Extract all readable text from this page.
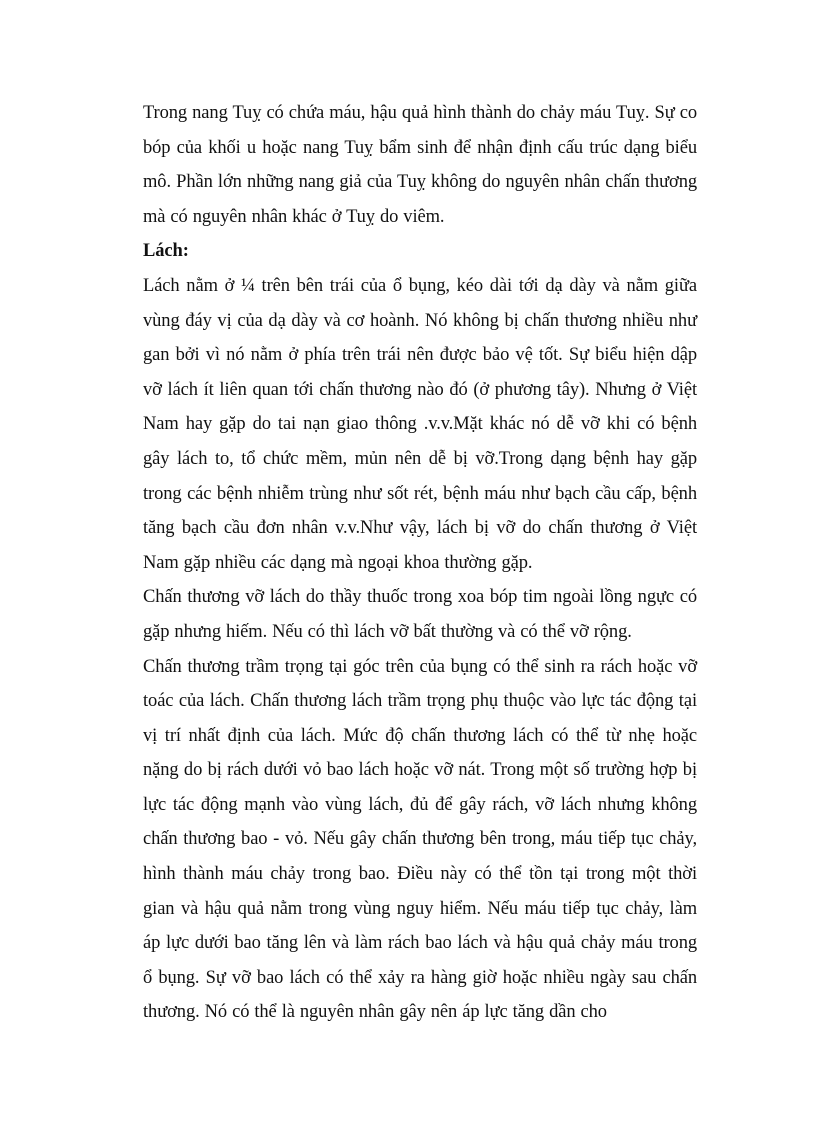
Trong nang Tuỵ có chứa máu, hậu quả hình thành do chảy máu Tuỵ. Sự co bóp của khối u hoặc nang Tuỵ bẩm sinh để nhận định cấu trúc dạng biểu mô. Phần lớn những nang giả của Tuỵ không do nguyên nhân chấn thương mà có nguyên nhân khác ở Tuỵ do viêm.

Lách:

Lách nằm ở ¼ trên bên trái của ổ bụng, kéo dài tới dạ dày và nằm giữa vùng đáy vị của dạ dày và cơ hoành. Nó không bị chấn thương nhiều như gan bởi vì nó nằm ở phía trên trái nên được bảo vệ tốt. Sự biểu hiện dập vỡ lách ít liên quan tới chấn thương nào đó (ở phương tây). Nhưng ở Việt Nam hay gặp do tai nạn giao thông .v.v.Mặt khác nó dễ vỡ khi có bệnh gây lách to, tổ chức mềm, mủn nên dễ bị vỡ.Trong dạng bệnh hay gặp trong các bệnh nhiễm trùng như sốt rét, bệnh máu như bạch cầu cấp, bệnh tăng bạch cầu đơn nhân v.v.Như vậy, lách bị vỡ do chấn thương ở Việt Nam gặp nhiều các dạng mà ngoại khoa thường gặp.

Chấn thương vỡ lách do thầy thuốc trong xoa bóp tim ngoài lồng ngực có gặp nhưng hiếm. Nếu có thì lách vỡ bất thường và có thể vỡ rộng.

Chấn thương trầm trọng tại góc trên của bụng có thể sinh ra rách hoặc vỡ toác của lách. Chấn thương lách trầm trọng phụ thuộc vào lực tác động tại vị trí nhất định của lách. Mức độ chấn thương lách có thể từ nhẹ hoặc nặng do bị rách dưới vỏ bao lách hoặc vỡ nát. Trong một số trường hợp bị lực tác động mạnh vào vùng lách, đủ để gây rách, vỡ lách nhưng không chấn thương bao - vỏ. Nếu gây chấn thương bên trong, máu tiếp tục chảy, hình thành máu chảy trong bao. Điều này có thể tồn tại trong một thời gian và hậu quả nằm trong vùng nguy hiểm. Nếu máu tiếp tục chảy, làm áp lực dưới bao tăng lên và làm rách bao lách và hậu quả chảy máu trong ổ bụng. Sự vỡ bao lách có thể xảy ra hàng giờ hoặc nhiều ngày sau chấn thương. Nó có thể là nguyên nhân gây nên áp lực tăng dần cho
